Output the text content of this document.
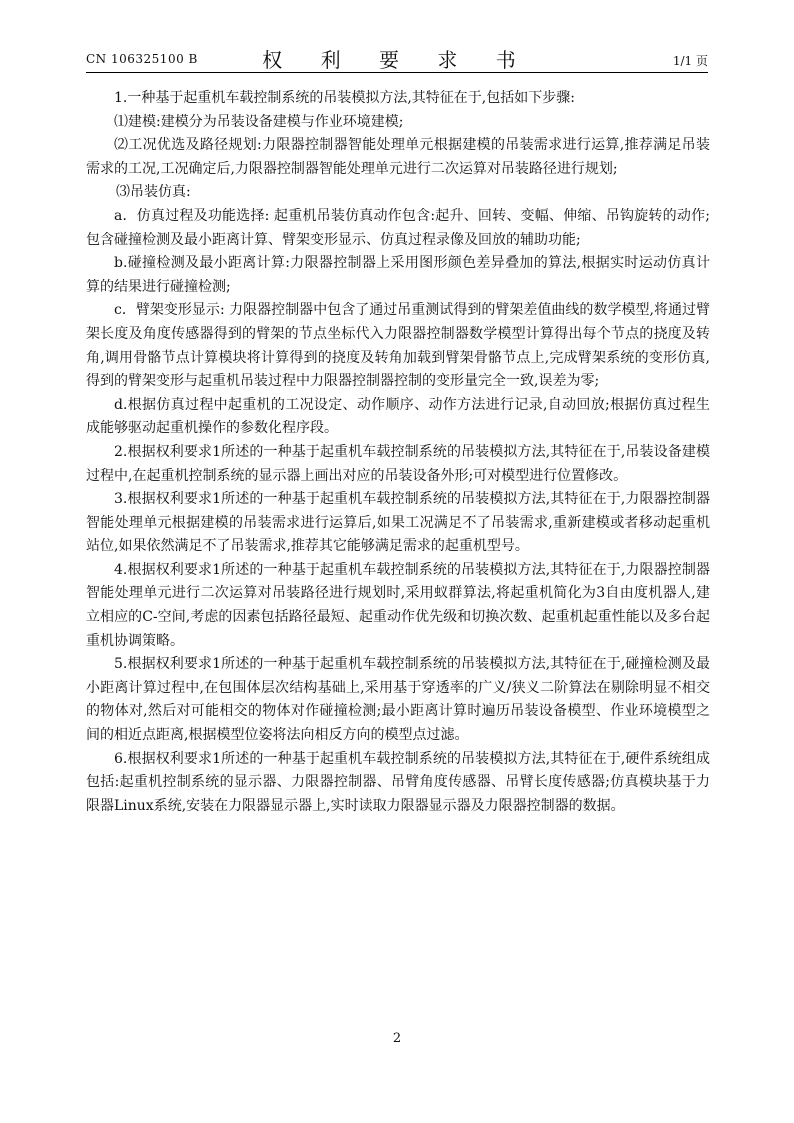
CN 106325100 B	权 利 要 求 书	1/1 页

1.一种基于起重机车载控制系统的吊装模拟方法,其特征在于,包括如下步骤:

⑴建模:建模分为吊装设备建模与作业环境建模;

⑵工况优选及路径规划:力限器控制器智能处理单元根据建模的吊装需求进行运算,推荐满足吊装需求的工况,工况确定后,力限器控制器智能处理单元进行二次运算对吊装路径进行规划;

⑶吊装仿真:

a．仿真过程及功能选择: 起重机吊装仿真动作包含:起升、回转、变幅、伸缩、吊钩旋转的动作;包含碰撞检测及最小距离计算、臂架变形显示、仿真过程录像及回放的辅助功能;

b.碰撞检测及最小距离计算:力限器控制器上采用图形颜色差异叠加的算法,根据实时运动仿真计算的结果进行碰撞检测;

c．臂架变形显示: 力限器控制器中包含了通过吊重测试得到的臂架差值曲线的数学模型,将通过臂架长度及角度传感器得到的臂架的节点坐标代入力限器控制器数学模型计算得出每个节点的挠度及转角,调用骨骼节点计算模块将计算得到的挠度及转角加载到臂架骨骼节点上,完成臂架系统的变形仿真,得到的臂架变形与起重机吊装过程中力限器控制器控制的变形量完全一致,误差为零;

d.根据仿真过程中起重机的工况设定、动作顺序、动作方法进行记录,自动回放;根据仿真过程生成能够驱动起重机操作的参数化程序段。

2.根据权利要求1所述的一种基于起重机车载控制系统的吊装模拟方法,其特征在于,吊装设备建模过程中,在起重机控制系统的显示器上画出对应的吊装设备外形;可对模型进行位置修改。

3.根据权利要求1所述的一种基于起重机车载控制系统的吊装模拟方法,其特征在于,力限器控制器智能处理单元根据建模的吊装需求进行运算后,如果工况满足不了吊装需求,重新建模或者移动起重机站位,如果依然满足不了吊装需求,推荐其它能够满足需求的起重机型号。

4.根据权利要求1所述的一种基于起重机车载控制系统的吊装模拟方法,其特征在于,力限器控制器智能处理单元进行二次运算对吊装路径进行规划时,采用蚁群算法,将起重机简化为3自由度机器人,建立相应的C-空间,考虑的因素包括路径最短、起重动作优先级和切换次数、起重机起重性能以及多台起重机协调策略。

5.根据权利要求1所述的一种基于起重机车载控制系统的吊装模拟方法,其特征在于,碰撞检测及最小距离计算过程中,在包围体层次结构基础上,采用基于穿透率的广义/狭义二阶算法在剔除明显不相交的物体对,然后对可能相交的物体对作碰撞检测;最小距离计算时遍历吊装设备模型、作业环境模型之间的相近点距离,根据模型位姿将法向相反方向的模型点过滤。

6.根据权利要求1所述的一种基于起重机车载控制系统的吊装模拟方法,其特征在于,硬件系统组成包括:起重机控制系统的显示器、力限器控制器、吊臂角度传感器、吊臂长度传感器;仿真模块基于力限器Linux系统,安装在力限器显示器上,实时读取力限器显示器及力限器控制器的数据。

2
